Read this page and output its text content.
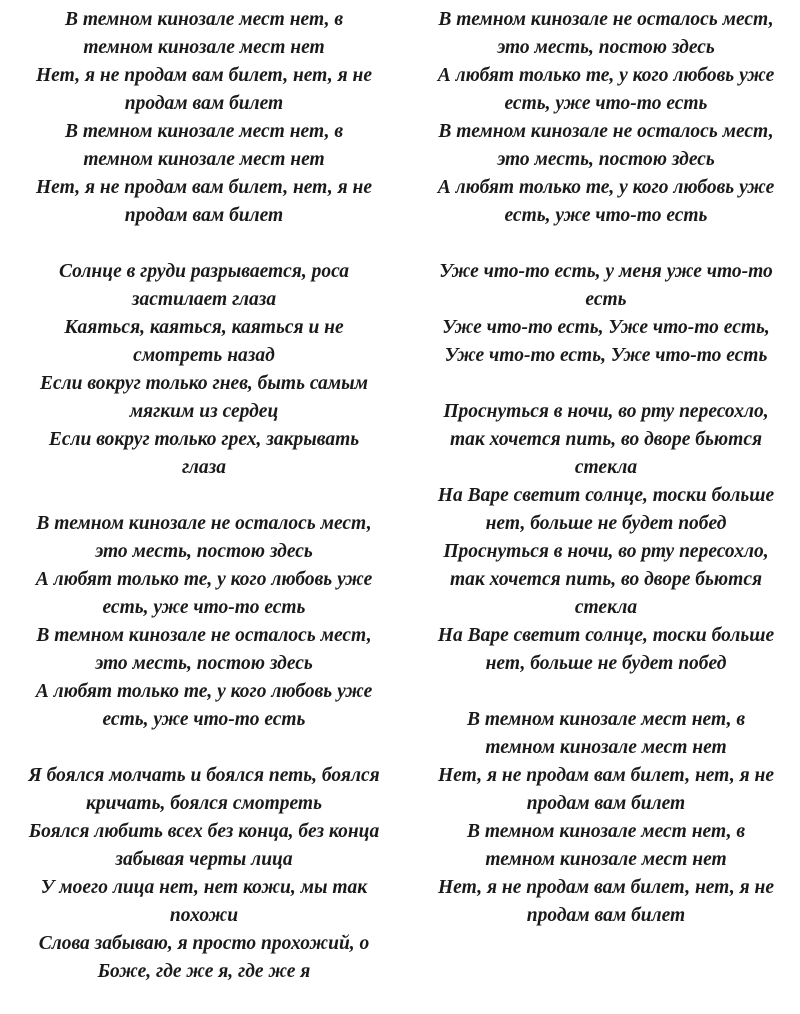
В темном кинозале мест нет, в
темном кинозале мест нет
Нет, я не продам вам билет, нет, я не
продам вам билет
В темном кинозале мест нет, в
темном кинозале мест нет
Нет, я не продам вам билет, нет, я не
продам вам билет
Солнце в груди разрывается, роса
застилает глаза
Каяться, каяться, каяться и не
смотреть назад
Если вокруг только гнев, быть самым
мягким из сердец
Если вокруг только грех, закрывать
глаза
В темном кинозале не осталось мест,
это месть, постою здесь
А любят только те, у кого любовь уже
есть, уже что-то есть
В темном кинозале не осталось мест,
это месть, постою здесь
А любят только те, у кого любовь уже
есть, уже что-то есть
Я боялся молчать и боялся петь, боялся
кричать, боялся смотреть
Боялся любить всех без конца, без конца
забывая черты лица
У моего лица нет, нет кожи, мы так
похожи
Слова забываю, я просто прохожий, о
Боже, где же я, где же я
В темном кинозале не осталось мест,
это месть, постою здесь
А любят только те, у кого любовь уже
есть, уже что-то есть
В темном кинозале не осталось мест,
это месть, постою здесь
А любят только те, у кого любовь уже
есть, уже что-то есть
Уже что-то есть, у меня уже что-то
есть
Уже что-то есть, Уже что-то есть,
Уже что-то есть, Уже что-то есть
Проснуться в ночи, во рту пересохло,
так хочется пить, во дворе бьются
стекла
На Варе светит солнце, тоски больше
нет, больше не будет побед
Проснуться в ночи, во рту пересохло,
так хочется пить, во дворе бьются
стекла
На Варе светит солнце, тоски больше
нет, больше не будет побед
В темном кинозале мест нет, в
темном кинозале мест нет
Нет, я не продам вам билет, нет, я не
продам вам билет
В темном кинозале мест нет, в
темном кинозале мест нет
Нет, я не продам вам билет, нет, я не
продам вам билет
